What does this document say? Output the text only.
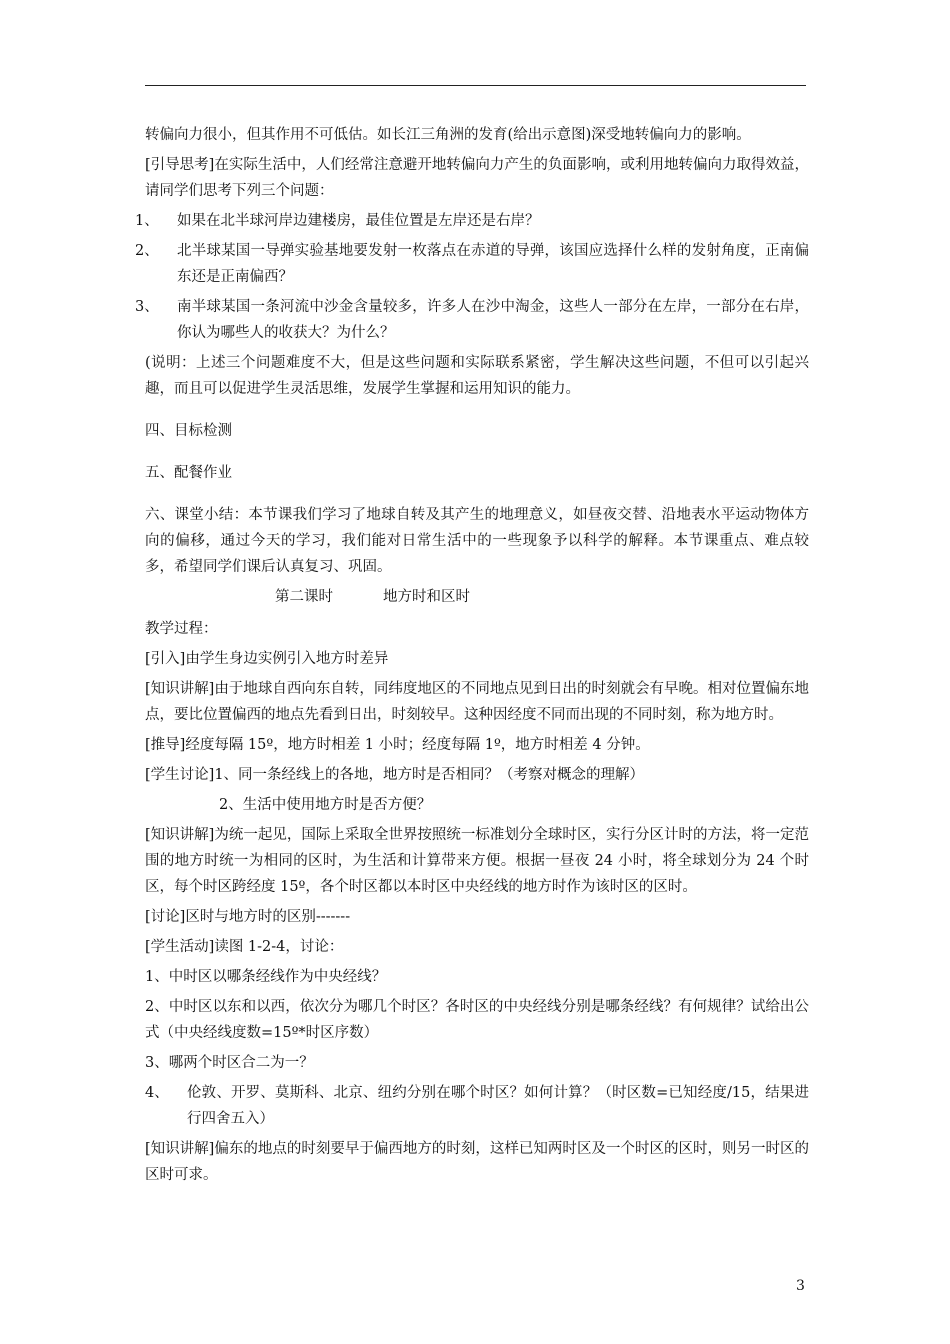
转偏向力很小，但其作用不可低估。如长江三角洲的发育(给出示意图)深受地转偏向力的影响。

[引导思考]在实际生活中，人们经常注意避开地转偏向力产生的负面影响，或利用地转偏向力取得效益，请同学们思考下列三个问题：

1、	如果在北半球河岸边建楼房，最佳位置是左岸还是右岸？
2、	北半球某国一导弹实验基地要发射一枚落点在赤道的导弹，该国应选择什么样的发射角度，正南偏东还是正南偏西？
3、	南半球某国一条河流中沙金含量较多，许多人在沙中淘金，这些人一部分在左岸，一部分在右岸，你认为哪些人的收获大？为什么？

(说明：上述三个问题难度不大，但是这些问题和实际联系紧密，学生解决这些问题，不但可以引起兴趣，而且可以促进学生灵活思维，发展学生掌握和运用知识的能力。

四、目标检测

五、配餐作业

六、课堂小结：本节课我们学习了地球自转及其产生的地理意义，如昼夜交替、沿地表水平运动物体方向的偏移，通过今天的学习，我们能对日常生活中的一些现象予以科学的解释。本节课重点、难点较多，希望同学们课后认真复习、巩固。

第二课时	地方时和区时

教学过程：

[引入]由学生身边实例引入地方时差异

[知识讲解]由于地球自西向东自转，同纬度地区的不同地点见到日出的时刻就会有早晚。相对位置偏东地点，要比位置偏西的地点先看到日出，时刻较早。这种因经度不同而出现的不同时刻，称为地方时。

[推导]经度每隔 15º，地方时相差 1 小时；经度每隔 1º，地方时相差 4 分钟。

[学生讨论]1、同一条经线上的各地，地方时是否相同？（考察对概念的理解）

2、生活中使用地方时是否方便？

[知识讲解]为统一起见，国际上采取全世界按照统一标准划分全球时区，实行分区计时的方法，将一定范围的地方时统一为相同的区时，为生活和计算带来方便。根据一昼夜 24 小时，将全球划分为 24 个时区，每个时区跨经度 15º，各个时区都以本时区中央经线的地方时作为该时区的区时。

[讨论]区时与地方时的区别-------

[学生活动]读图 1-2-4，讨论：

1、中时区以哪条经线作为中央经线？

2、中时区以东和以西，依次分为哪几个时区？各时区的中央经线分别是哪条经线？有何规律？试给出公式（中央经线度数=15º*时区序数）

3、哪两个时区合二为一？

4、	伦敦、开罗、莫斯科、北京、纽约分别在哪个时区？如何计算？（时区数=已知经度/15，结果进行四舍五入）

[知识讲解]偏东的地点的时刻要早于偏西地方的时刻，这样已知两时区及一个时区的区时，则另一时区的区时可求。

3
